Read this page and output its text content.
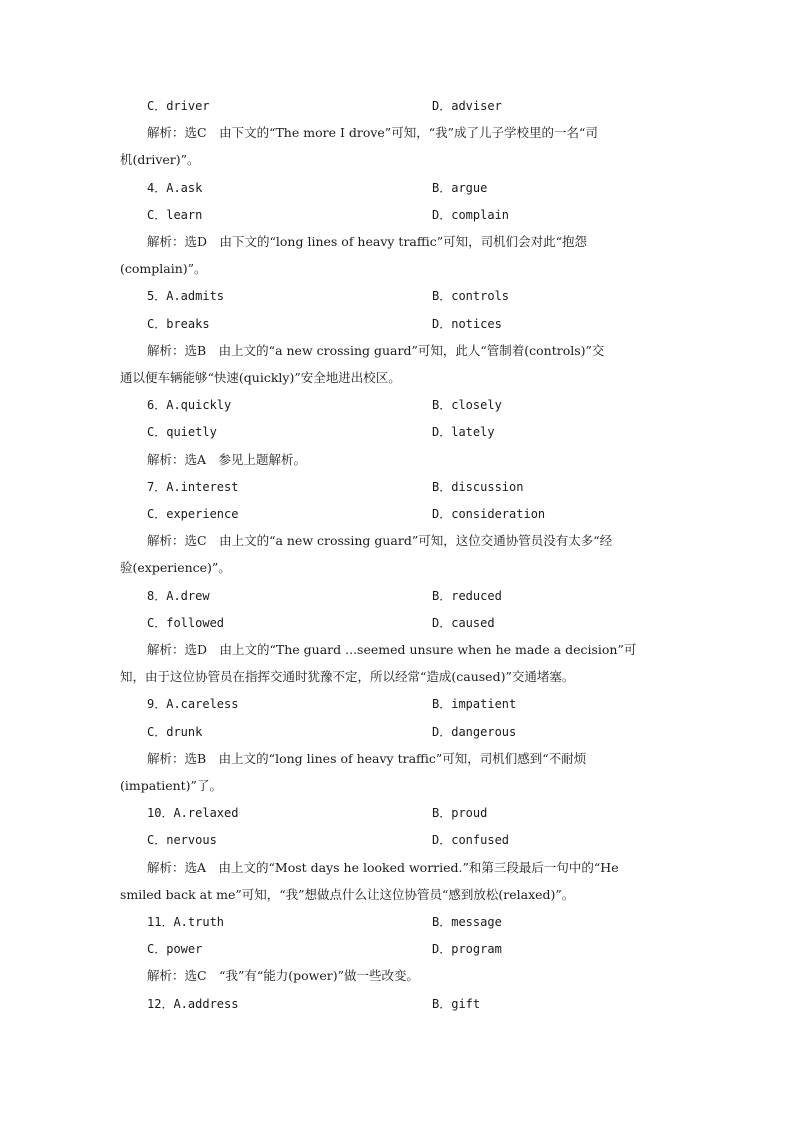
C．driver	D．adviser
解析：选C　由下文的“The more I drove”可知，“我”成了儿子学校里的一名“司
机(driver)”。
4．A.ask	B．argue
C．learn	D．complain
解析：选D　由下文的“long lines of heavy traffic”可知，司机们会对此“抱怨
(complain)”。
5．A.admits	B．controls
C．breaks	D．notices
解析：选B　由上文的“a new crossing guard”可知，此人“管制着(controls)”交
通以便车辆能够“快速(quickly)”安全地进出校区。
6．A.quickly	B．closely
C．quietly	D．lately
解析：选A　参见上题解析。
7．A.interest	B．discussion
C．experience	D．consideration
解析：选C　由上文的“a new crossing guard”可知，这位交通协管员没有太多“经
验(experience)”。
8．A.drew	B．reduced
C．followed	D．caused
解析：选D　由上文的“The guard ...seemed unsure when he made a decision”可
知，由于这位协管员在指挥交通时犹豫不定，所以经常“造成(caused)”交通堵塞。
9．A.careless	B．impatient
C．drunk	D．dangerous
解析：选B　由上文的“long lines of heavy traffic”可知，司机们感到“不耐烦
(impatient)”了。
10．A.relaxed	B．proud
C．nervous	D．confused
解析：选A　由上文的“Most days he looked worried.”和第三段最后一句中的“He
smiled back at me”可知，“我”想做点什么让这位协管员“感到放松(relaxed)”。
11．A.truth	B．message
C．power	D．program
解析：选C　“我”有“能力(power)”做一些改变。
12．A.address	B．gift
